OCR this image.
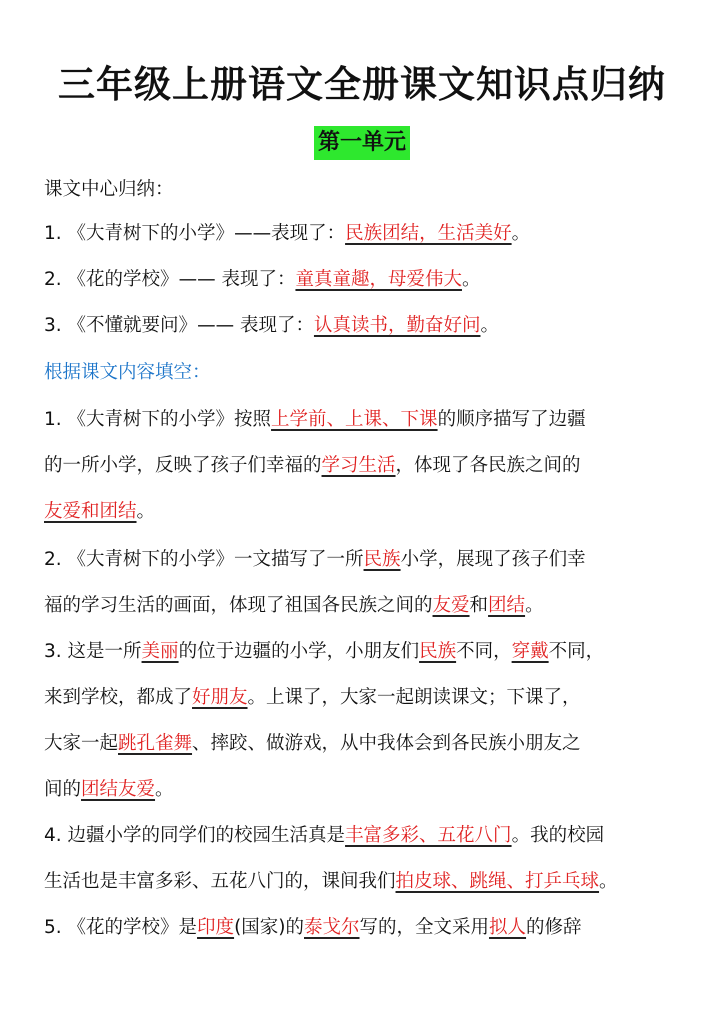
三年级上册语文全册课文知识点归纳
第一单元
课文中心归纳：
1. 《大青树下的小学》——表现了：民族团结，生活美好。
2. 《花的学校》—— 表现了：童真童趣，母爱伟大。
3. 《不懂就要问》—— 表现了：认真读书，勤奋好问。
根据课文内容填空：
1. 《大青树下的小学》按照上学前、上课、下课的顺序描写了边疆
的一所小学，反映了孩子们幸福的学习生活，体现了各民族之间的
友爱和团结。
2. 《大青树下的小学》一文描写了一所民族小学，展现了孩子们幸
福的学习生活的画面，体现了祖国各民族之间的友爱和团结。
3. 这是一所美丽的位于边疆的小学，小朋友们民族不同，穿戴不同，
来到学校，都成了好朋友。上课了，大家一起朗读课文；下课了，
大家一起跳孔雀舞、摔跤、做游戏，从中我体会到各民族小朋友之
间的团结友爱。
4. 边疆小学的同学们的校园生活真是丰富多彩、五花八门。我的校园
生活也是丰富多彩、五花八门的，课间我们拍皮球、跳绳、打乒乓球。
5. 《花的学校》是印度(国家)的泰戈尔写的，全文采用拟人的修辞
